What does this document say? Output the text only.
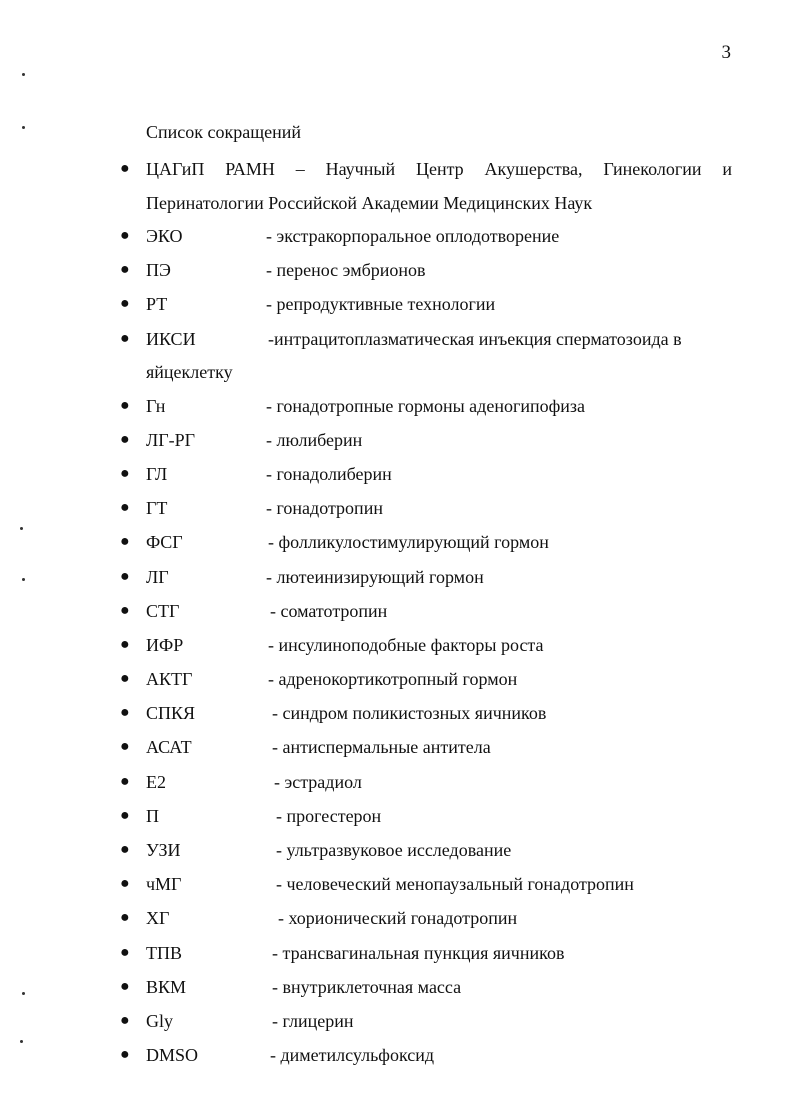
3
Список сокращений
● ЦАГиП РАМН – Научный Центр Акушерства, Гинекологии и
Перинатологии Российской Академии Медицинских Наук
● ЭКО	- экстракорпоральное оплодотворение
● ПЭ	- перенос эмбрионов
● РТ	- репродуктивные технологии
● ИКСИ	-интрацитоплазматическая инъекция сперматозоида в
яйцеклетку
● Гн	- гонадотропные гормоны аденогипофиза
● ЛГ-РГ	- люлиберин
● ГЛ	- гонадолиберин
● ГТ	- гонадотропин
● ФСГ	- фолликулостимулирующий гормон
● ЛГ	- лютеинизирующий гормон
● СТГ	- соматотропин
● ИФР	- инсулиноподобные факторы роста
● АКТГ	- адренокортикотропный гормон
● СПКЯ	- синдром поликистозных яичников
● АСАТ	- антиспермальные антитела
● Е2	- эстрадиол
● П	- прогестерон
● УЗИ	- ультразвуковое исследование
● чМГ	- человеческий менопаузальный гонадотропин
● ХГ	- хорионический гонадотропин
● ТПВ	- трансвагинальная пункция яичников
● ВКМ	- внутриклеточная масса
● Gly	- глицерин
● DMSO	- диметилсульфоксид
